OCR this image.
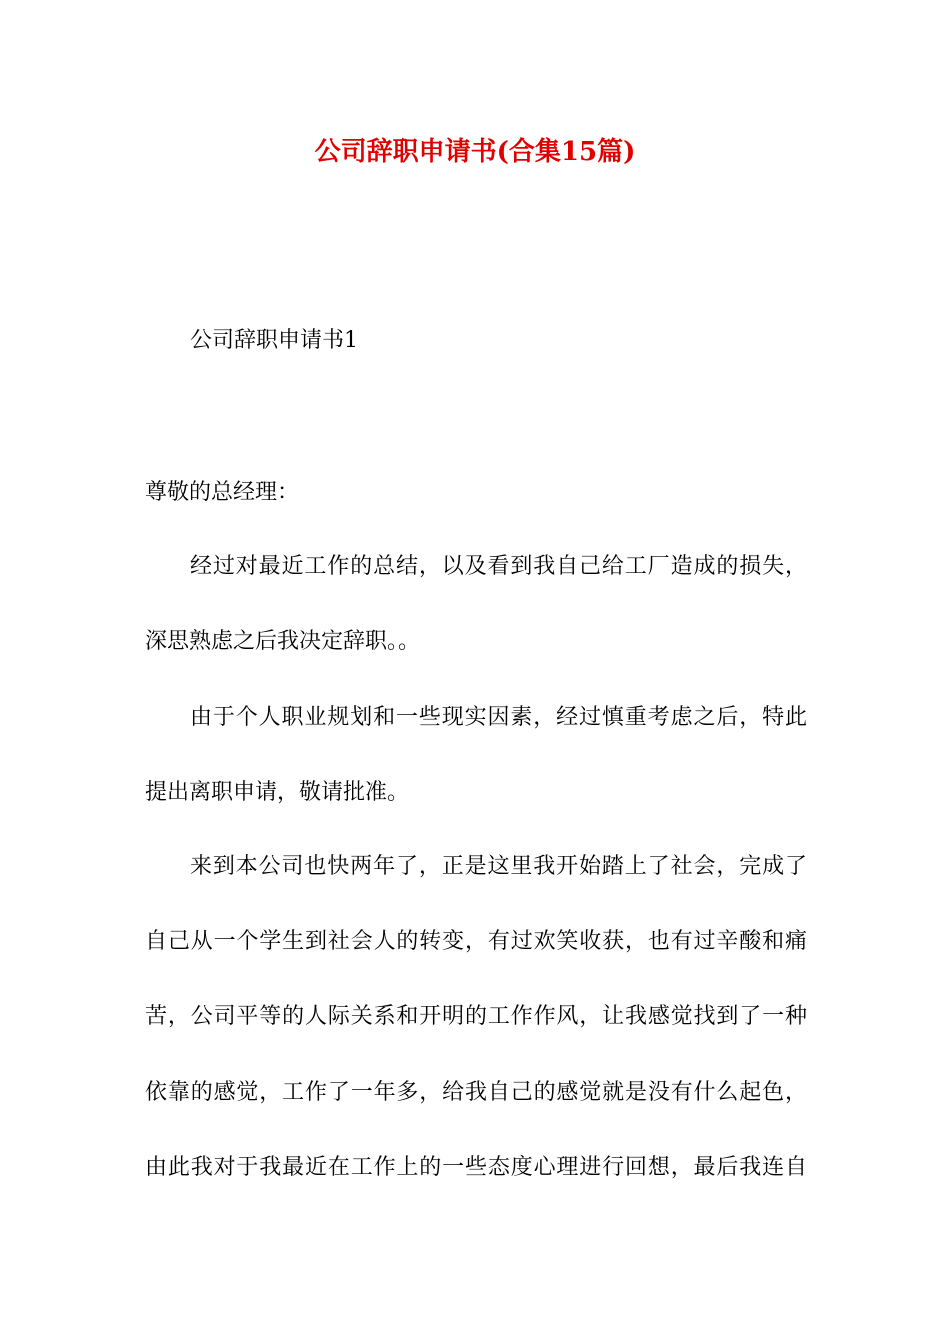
公司辞职申请书(合集15篇)
公司辞职申请书1
尊敬的总经理：
经过对最近工作的总结，以及看到我自己给工厂造成的损失，
深思熟虑之后我决定辞职。。
由于个人职业规划和一些现实因素，经过慎重考虑之后，特此
提出离职申请，敬请批准。
来到本公司也快两年了，正是这里我开始踏上了社会，完成了
自己从一个学生到社会人的转变，有过欢笑收获，也有过辛酸和痛
苦，公司平等的人际关系和开明的工作作风，让我感觉找到了一种
依靠的感觉，工作了一年多，给我自己的感觉就是没有什么起色，
由此我对于我最近在工作上的一些态度心理进行回想，最后我连自
